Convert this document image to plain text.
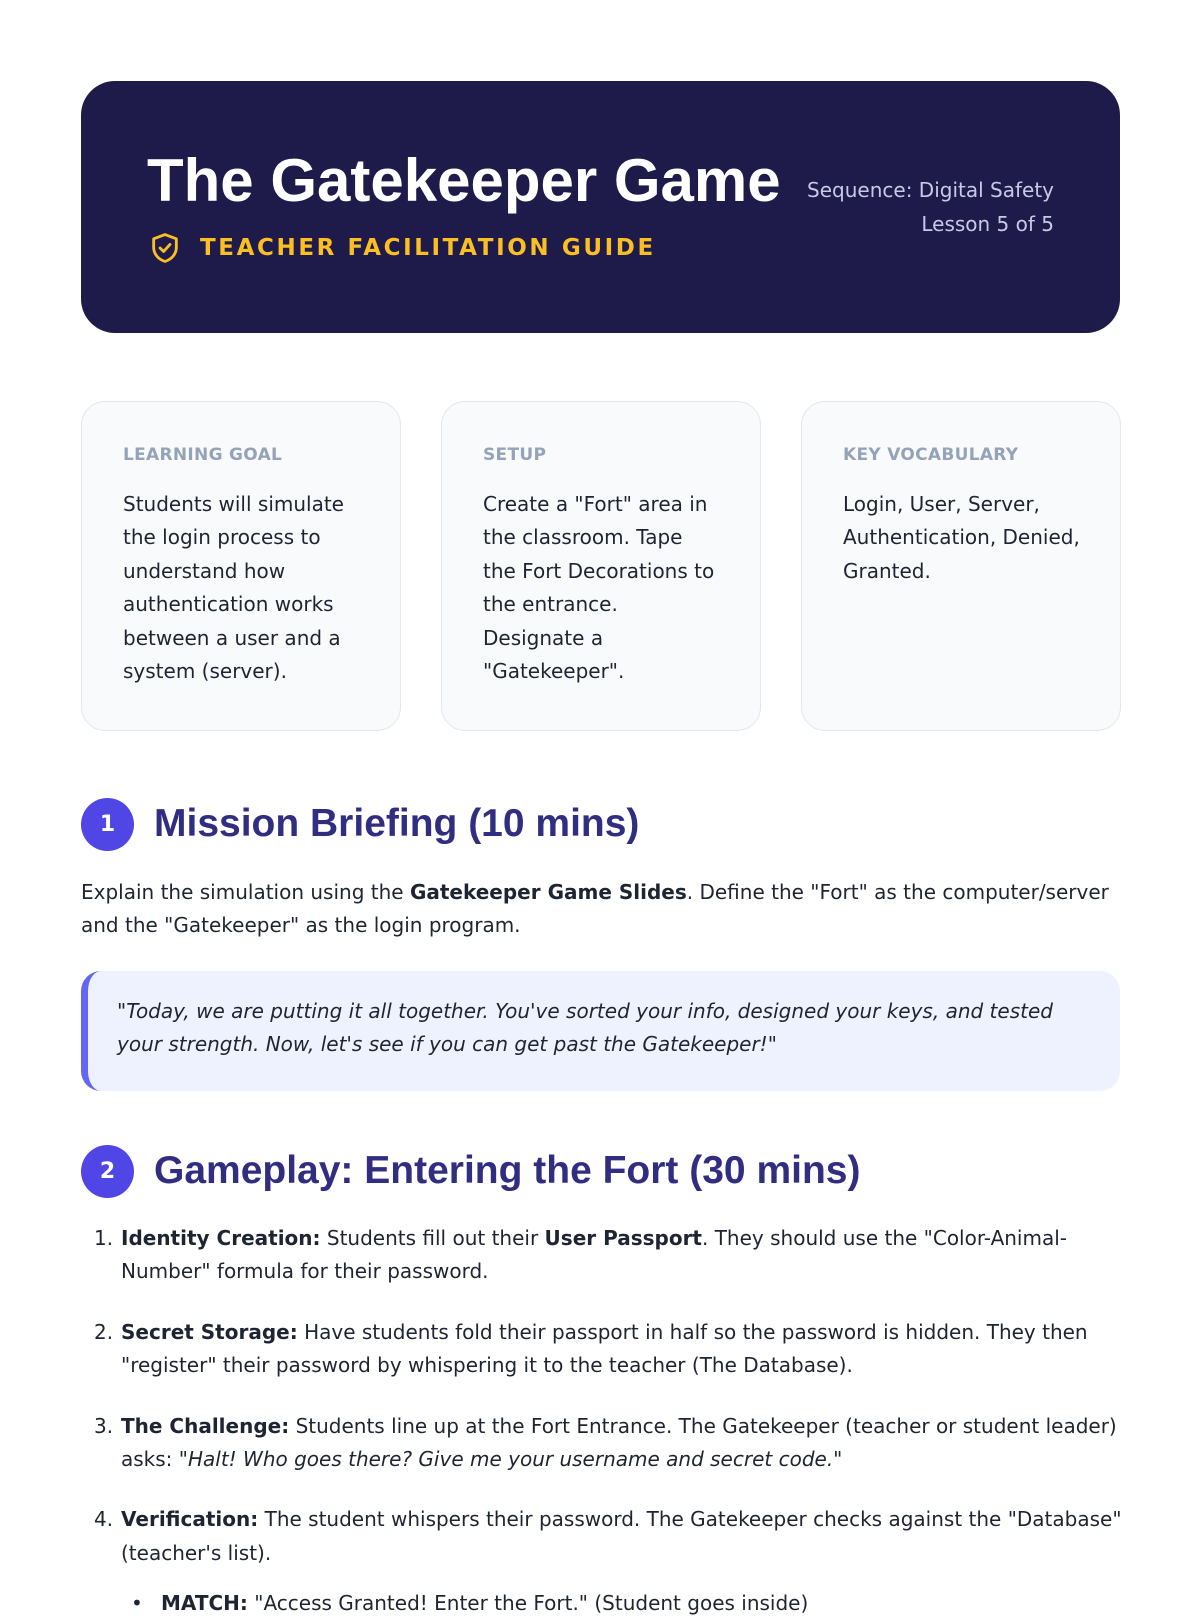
The Gatekeeper Game
TEACHER FACILITATION GUIDE
Sequence: Digital Safety
Lesson 5 of 5
LEARNING GOAL
Students will simulate the login process to understand how authentication works between a user and a system (server).
SETUP
Create a "Fort" area in the classroom. Tape the Fort Decorations to the entrance. Designate a "Gatekeeper".
KEY VOCABULARY
Login, User, Server, Authentication, Denied, Granted.
1 Mission Briefing (10 mins)

Explain the simulation using the Gatekeeper Game Slides. Define the "Fort" as the computer/server and the "Gatekeeper" as the login program.

"Today, we are putting it all together. You've sorted your info, designed your keys, and tested your strength. Now, let's see if you can get past the Gatekeeper!"
2 Gameplay: Entering the Fort (30 mins)
1. Identity Creation: Students fill out their User Passport. They should use the "Color-Animal-Number" formula for their password.
2. Secret Storage: Have students fold their passport in half so the password is hidden. They then "register" their password by whispering it to the teacher (The Database).
3. The Challenge: Students line up at the Fort Entrance. The Gatekeeper (teacher or student leader) asks: "Halt! Who goes there? Give me your username and secret code."
4. Verification: The student whispers their password. The Gatekeeper checks against the "Database" (teacher's list).
• MATCH: "Access Granted! Enter the Fort." (Student goes inside)
